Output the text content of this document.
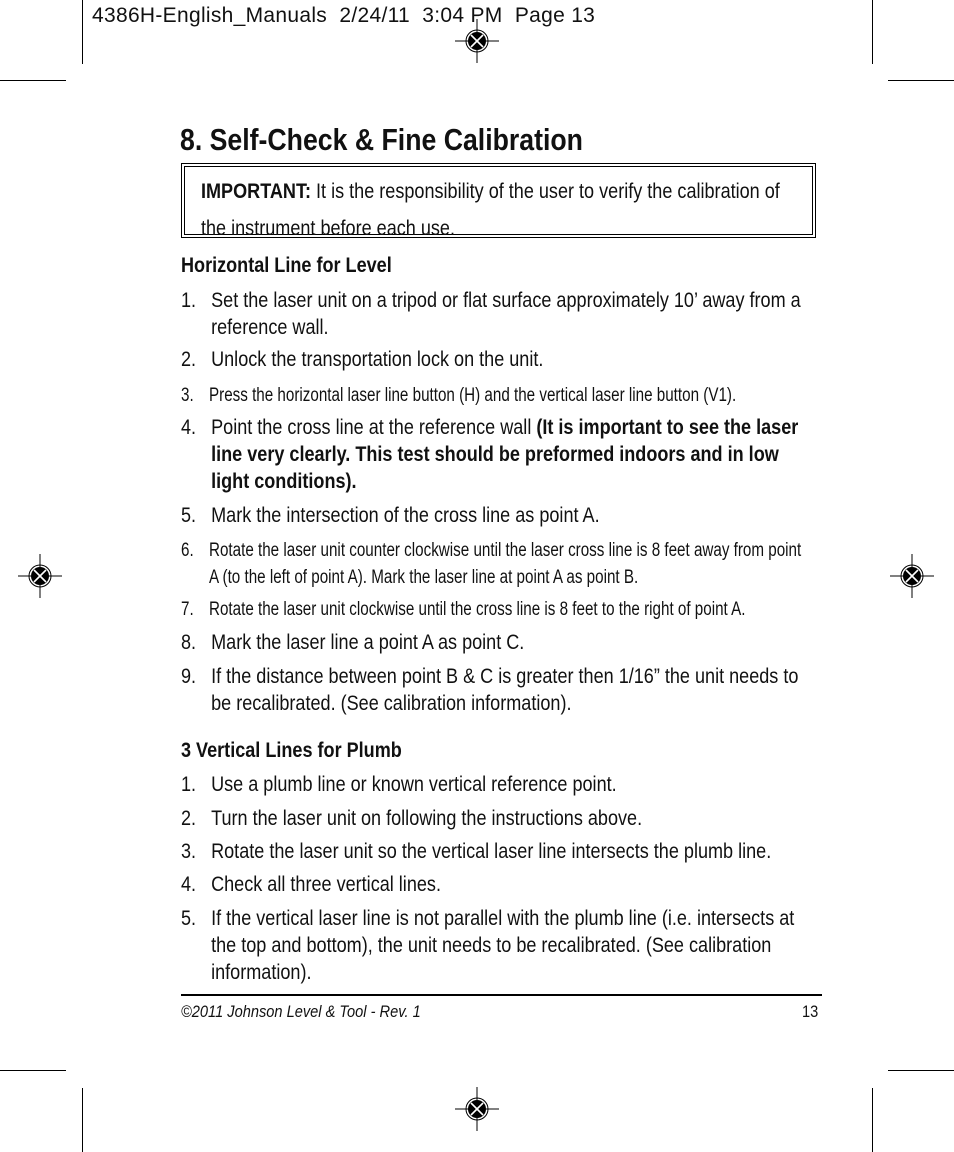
4386H-English_Manuals  2/24/11  3:04 PM  Page 13
8. Self-Check & Fine Calibration
IMPORTANT: It is the responsibility of the user to verify the calibration of the instrument before each use.
Horizontal Line for Level
1. Set the laser unit on a tripod or flat surface approximately 10’ away from a reference wall.
2. Unlock the transportation lock on the unit.
3. Press the horizontal laser line button (H) and the vertical laser line button (V1).
4. Point the cross line at the reference wall (It is important to see the laser line very clearly. This test should be preformed indoors and in low light conditions).
5. Mark the intersection of the cross line as point A.
6. Rotate the laser unit counter clockwise until the laser cross line is 8 feet away from point A (to the left of point A). Mark the laser line at point A as point B.
7. Rotate the laser unit clockwise until the cross line is 8 feet to the right of point A.
8. Mark the laser line a point A as point C.
9. If the distance between point B & C is greater then 1/16” the unit needs to be recalibrated. (See calibration information).
3 Vertical Lines for Plumb
1. Use a plumb line or known vertical reference point.
2. Turn the laser unit on following the instructions above.
3. Rotate the laser unit so the vertical laser line intersects the plumb line.
4. Check all three vertical lines.
5. If the vertical laser line is not parallel with the plumb line (i.e. intersects at the top and bottom), the unit needs to be recalibrated. (See calibration information).
©2011 Johnson Level & Tool - Rev. 1	13
